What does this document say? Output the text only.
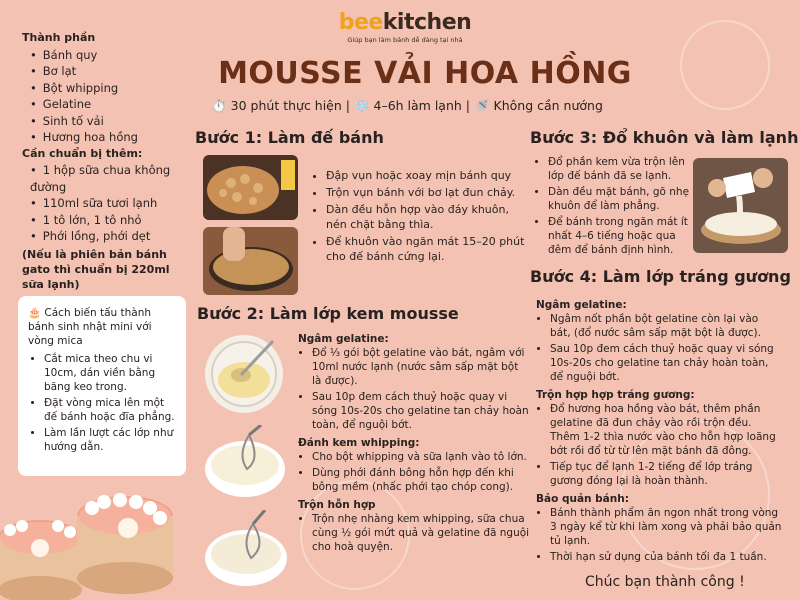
beekitchen
Giúp bạn làm bánh dễ dàng tại nhà
MOUSSE VẢI HOA HỒNG
⏱️ 30 phút thực hiện | ❄️ 4–6h làm lạnh | 🚿 Không cần nướng
Thành phần
• Bánh quy
• Bơ lạt
• Bột whipping
• Gelatine
• Sinh tố vải
• Hương hoa hồng
Cần chuẩn bị thêm:
• 1 hộp sữa chua không đường
• 110ml sữa tươi lạnh
• 1 tô lớn, 1 tô nhỏ
• Phới lồng, phới dẹt
(Nếu là phiên bản bánh gato thì chuẩn bị 220ml sữa lạnh)
🎂 Cách biến tấu thành bánh sinh nhật mini với vòng mica
• Cắt mica theo chu vi 10cm, dán viền bằng băng keo trong.
• Đặt vòng mica lên một đế bánh hoặc đĩa phẳng.
• Làm lần lượt các lớp như hướng dẫn.
Bước 1: Làm đế bánh
• Đập vụn hoặc xoay mịn bánh quy
• Trộn vụn bánh với bơ lạt đun chảy.
• Dàn đều hỗn hợp vào đáy khuôn, nén chặt bằng thìa.
• Để khuôn vào ngăn mát 15–20 phút cho đế bánh cứng lại.
Bước 2: Làm lớp kem mousse
Ngâm gelatine:
• Đổ ⅓ gói bột gelatine vào bát, ngâm với 10ml nước lạnh (nước sâm sấp mặt bột là được).
• Sau 10p đem cách thuỷ hoặc quay vi sóng 10s-20s cho gelatine tan chảy hoàn toàn, để nguội bớt.
Đánh kem whipping:
• Cho bột whipping và sữa lạnh vào tô lớn.
• Dùng phới đánh bông hỗn hợp đến khi bông mềm (nhấc phới tạo chóp cong).
Trộn hỗn hợp
• Trộn nhẹ nhàng kem whipping, sữa chua cùng ½ gói mứt quả và gelatine đã nguội cho hoà quyện.
Bước 3: Đổ khuôn và làm lạnh
• Đổ phần kem vừa trộn lên lớp đế bánh đã se lạnh.
• Dàn đều mặt bánh, gõ nhẹ khuôn để làm phẳng.
• Để bánh trong ngăn mát ít nhất 4–6 tiếng hoặc qua đêm để bánh định hình.
Bước 4: Làm lớp tráng gương
Ngâm gelatine:
• Ngâm nốt phần bột gelatine còn lại vào bát, (đổ nước sâm sấp mặt bột là được).
• Sau 10p đem cách thuỷ hoặc quay vi sóng 10s-20s cho gelatine tan chảy hoàn toàn, để nguội bớt.
Trộn hợp hợp tráng gương:
• Đổ hương hoa hồng vào bát, thêm phần gelatine đã đun chảy vào rồi trộn đều. Thêm 1-2 thìa nước vào cho hỗn hợp loãng bớt rồi đổ từ từ lên mặt bánh đã đông.
• Tiếp tục để lạnh 1-2 tiếng để lớp tráng gương đóng lại là hoàn thành.
Bảo quản bánh:
• Bánh thành phẩm ăn ngon nhất trong vòng 3 ngày kể từ khi làm xong và phải bảo quản tủ lạnh.
• Thời hạn sử dụng của bánh tối đa 1 tuần.
Chúc bạn thành công !
